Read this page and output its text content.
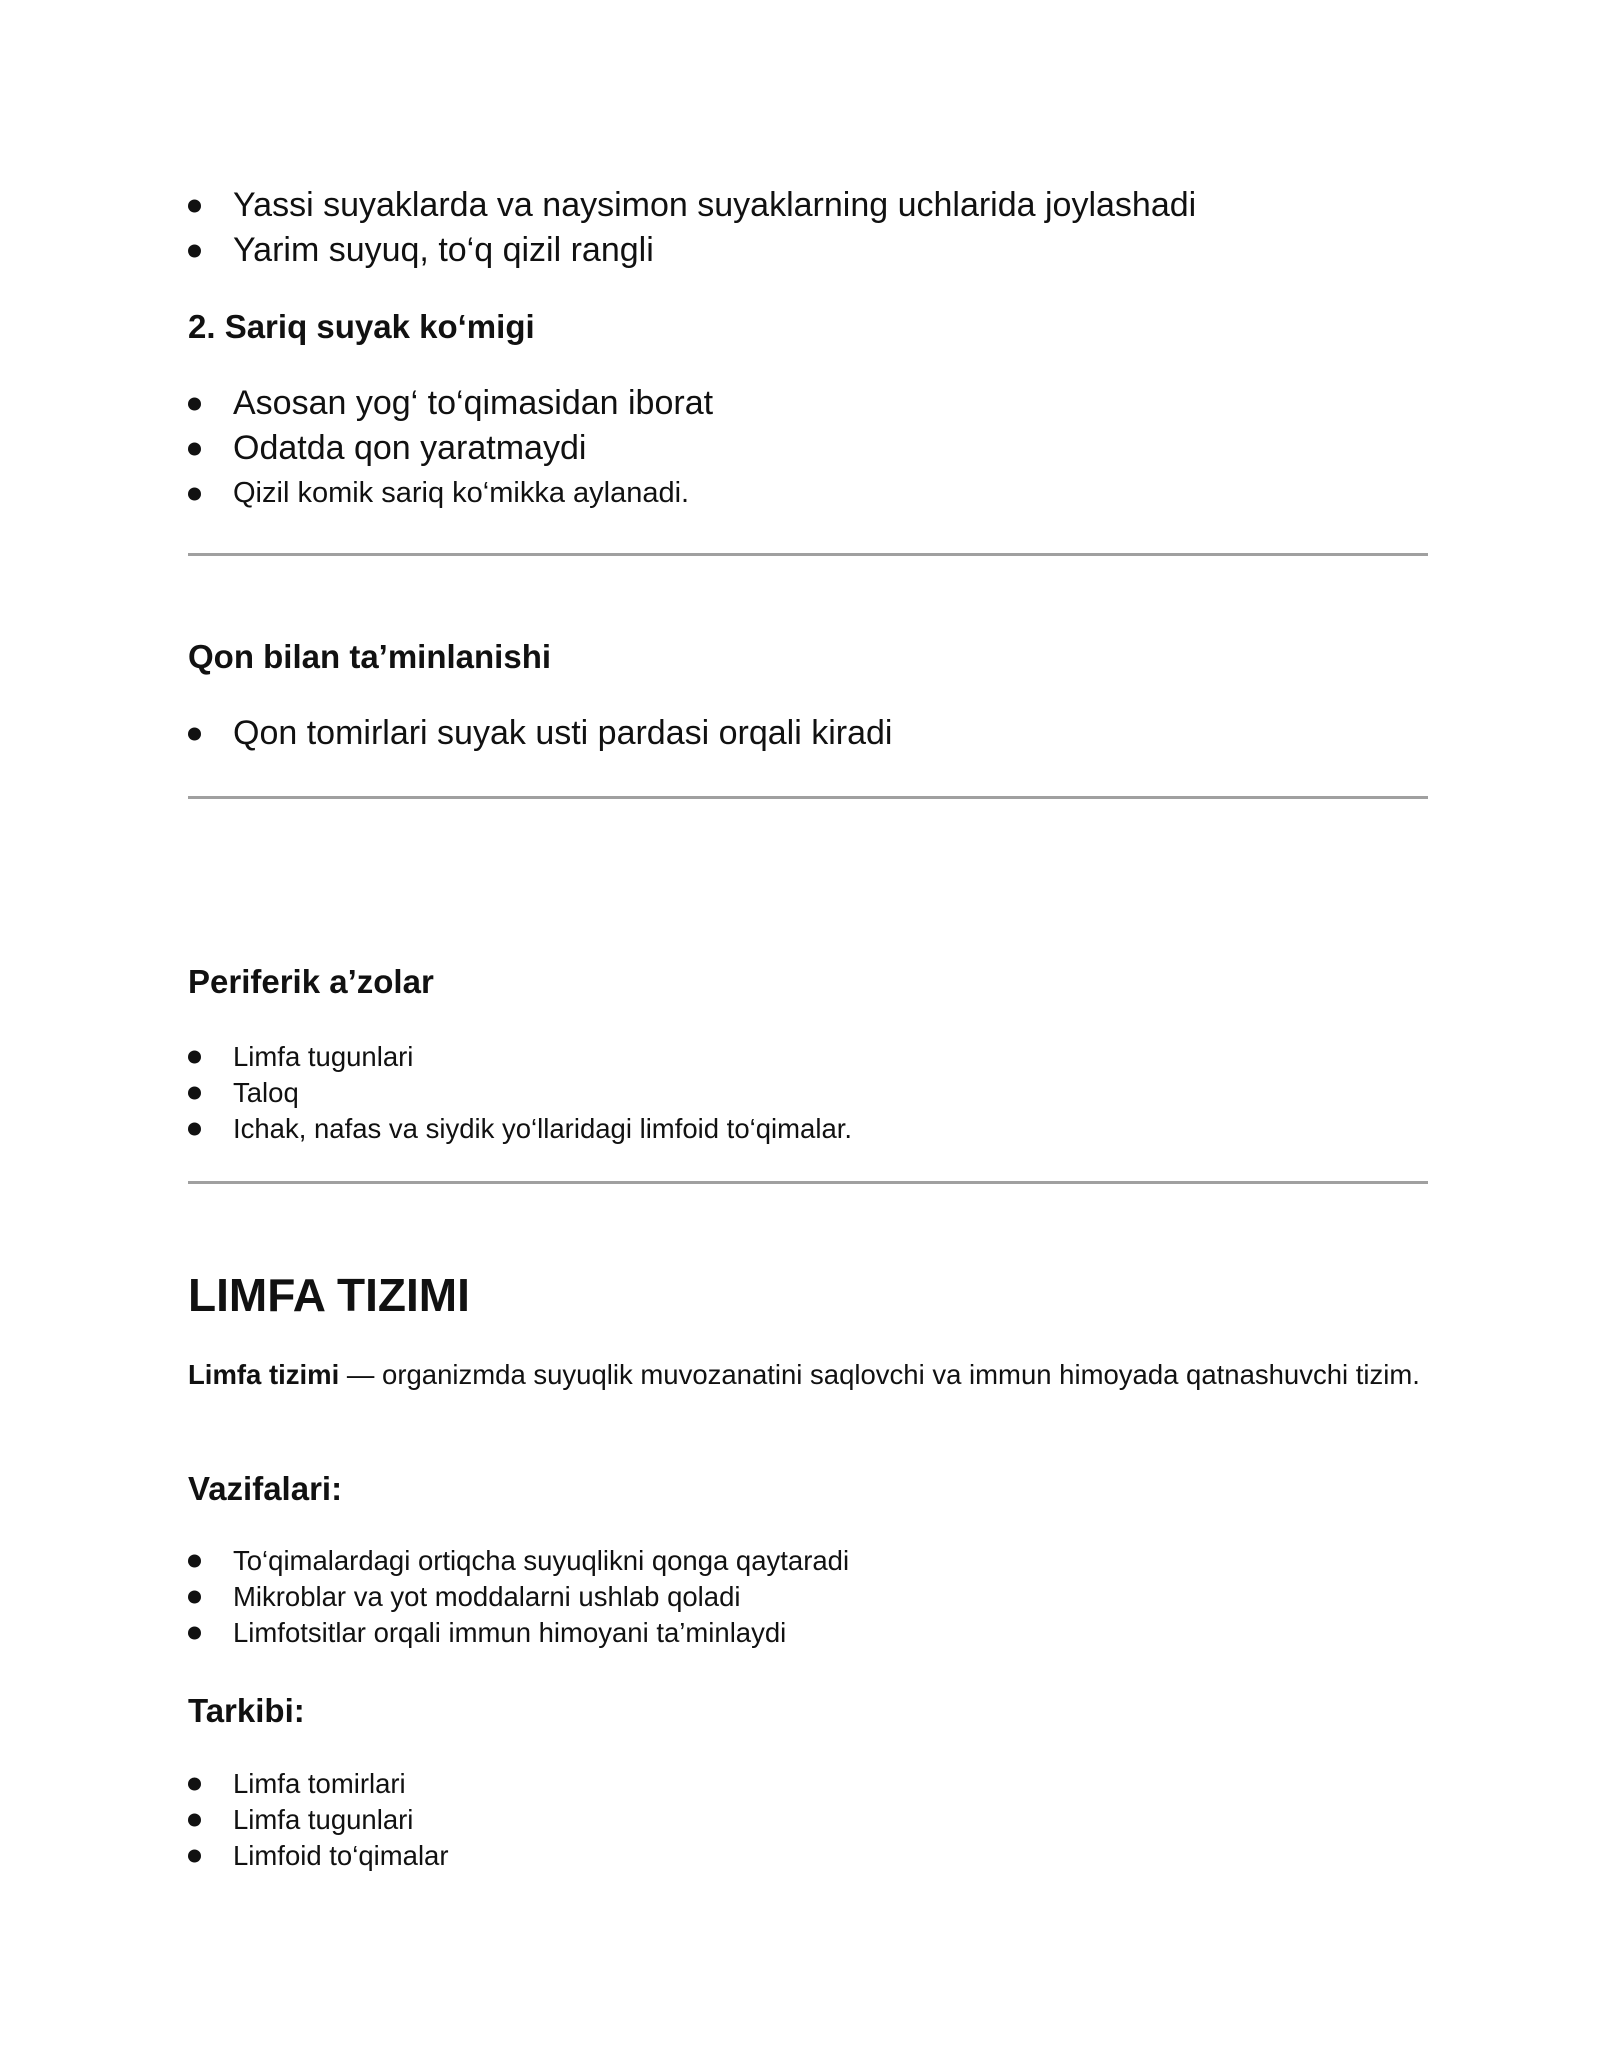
Yassi suyaklarda va naysimon suyaklarning uchlarida joylashadi
Yarim suyuq, to‘q qizil rangli
2. Sariq suyak ko‘migi
Asosan yog‘ to‘qimasidan iborat
Odatda qon yaratmaydi
Qizil komik sariq ko‘mikka aylanadi.
Qon bilan ta’minlanishi
Qon tomirlari suyak usti pardasi orqali kiradi
Periferik a’zolar
Limfa tugunlari
Taloq
Ichak, nafas va siydik yo‘llaridagi limfoid to‘qimalar.
LIMFA TIZIMI
Limfa tizimi — organizmda suyuqlik muvozanatini saqlovchi va immun himoyada qatnashuvchi tizim.
Vazifalari:
To‘qimalardagi ortiqcha suyuqlikni qonga qaytaradi
Mikroblar va yot moddalarni ushlab qoladi
Limfotsitlar orqali immun himoyani ta’minlaydi
Tarkibi:
Limfa tomirlari
Limfa tugunlari
Limfoid to‘qimalar
